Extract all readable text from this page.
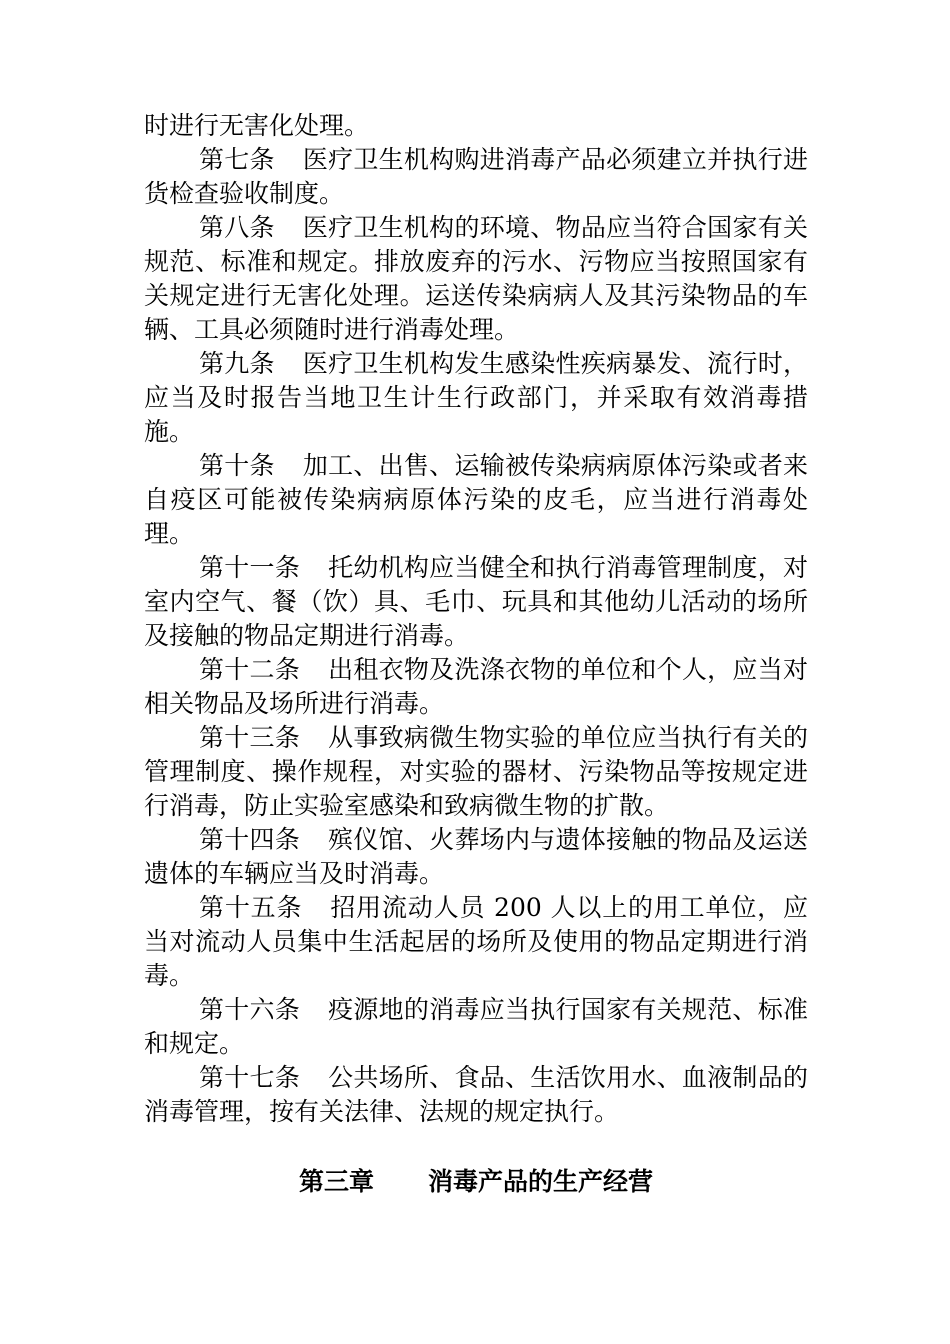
时进行无害化处理。

第七条 医疗卫生机构购进消毒产品必须建立并执行进货检查验收制度。

第八条 医疗卫生机构的环境、物品应当符合国家有关规范、标准和规定。排放废弃的污水、污物应当按照国家有关规定进行无害化处理。运送传染病病人及其污染物品的车辆、工具必须随时进行消毒处理。

第九条 医疗卫生机构发生感染性疾病暴发、流行时，应当及时报告当地卫生计生行政部门，并采取有效消毒措施。

第十条 加工、出售、运输被传染病病原体污染或者来自疫区可能被传染病病原体污染的皮毛，应当进行消毒处理。

第十一条 托幼机构应当健全和执行消毒管理制度，对室内空气、餐（饮）具、毛巾、玩具和其他幼儿活动的场所及接触的物品定期进行消毒。

第十二条 出租衣物及洗涤衣物的单位和个人，应当对相关物品及场所进行消毒。

第十三条 从事致病微生物实验的单位应当执行有关的管理制度、操作规程，对实验的器材、污染物品等按规定进行消毒，防止实验室感染和致病微生物的扩散。

第十四条 殡仪馆、火葬场内与遗体接触的物品及运送遗体的车辆应当及时消毒。

第十五条 招用流动人员 200 人以上的用工单位，应当对流动人员集中生活起居的场所及使用的物品定期进行消毒。

第十六条 疫源地的消毒应当执行国家有关规范、标准和规定。

第十七条 公共场所、食品、生活饮用水、血液制品的消毒管理，按有关法律、法规的规定执行。

第三章 消毒产品的生产经营
